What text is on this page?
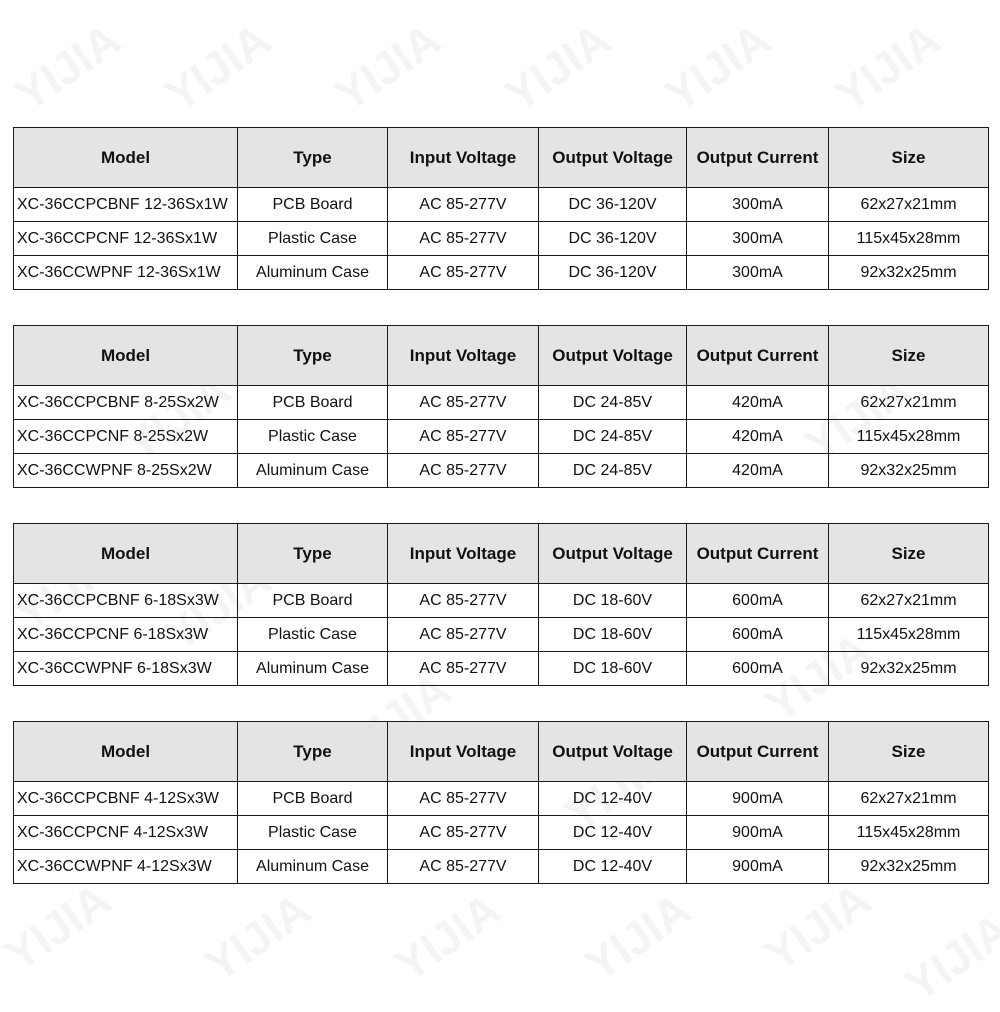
Model	Type	Input Voltage	Output Voltage	Output Current	Size
XC-36CCPCBNF 12-36Sx1W	PCB Board	AC 85-277V	DC 36-120V	300mA	62x27x21mm
XC-36CCPCNF 12-36Sx1W	Plastic Case	AC 85-277V	DC 36-120V	300mA	115x45x28mm
XC-36CCWPNF 12-36Sx1W	Aluminum Case	AC 85-277V	DC 36-120V	300mA	92x32x25mm
Model	Type	Input Voltage	Output Voltage	Output Current	Size
XC-36CCPCBNF 8-25Sx2W	PCB Board	AC 85-277V	DC 24-85V	420mA	62x27x21mm
XC-36CCPCNF 8-25Sx2W	Plastic Case	AC 85-277V	DC 24-85V	420mA	115x45x28mm
XC-36CCWPNF 8-25Sx2W	Aluminum Case	AC 85-277V	DC 24-85V	420mA	92x32x25mm
Model	Type	Input Voltage	Output Voltage	Output Current	Size
XC-36CCPCBNF 6-18Sx3W	PCB Board	AC 85-277V	DC 18-60V	600mA	62x27x21mm
XC-36CCPCNF 6-18Sx3W	Plastic Case	AC 85-277V	DC 18-60V	600mA	115x45x28mm
XC-36CCWPNF 6-18Sx3W	Aluminum Case	AC 85-277V	DC 18-60V	600mA	92x32x25mm
Model	Type	Input Voltage	Output Voltage	Output Current	Size
XC-36CCPCBNF 4-12Sx3W	PCB Board	AC 85-277V	DC 12-40V	900mA	62x27x21mm
XC-36CCPCNF 4-12Sx3W	Plastic Case	AC 85-277V	DC 12-40V	900mA	115x45x28mm
XC-36CCWPNF 4-12Sx3W	Aluminum Case	AC 85-277V	DC 12-40V	900mA	92x32x25mm
